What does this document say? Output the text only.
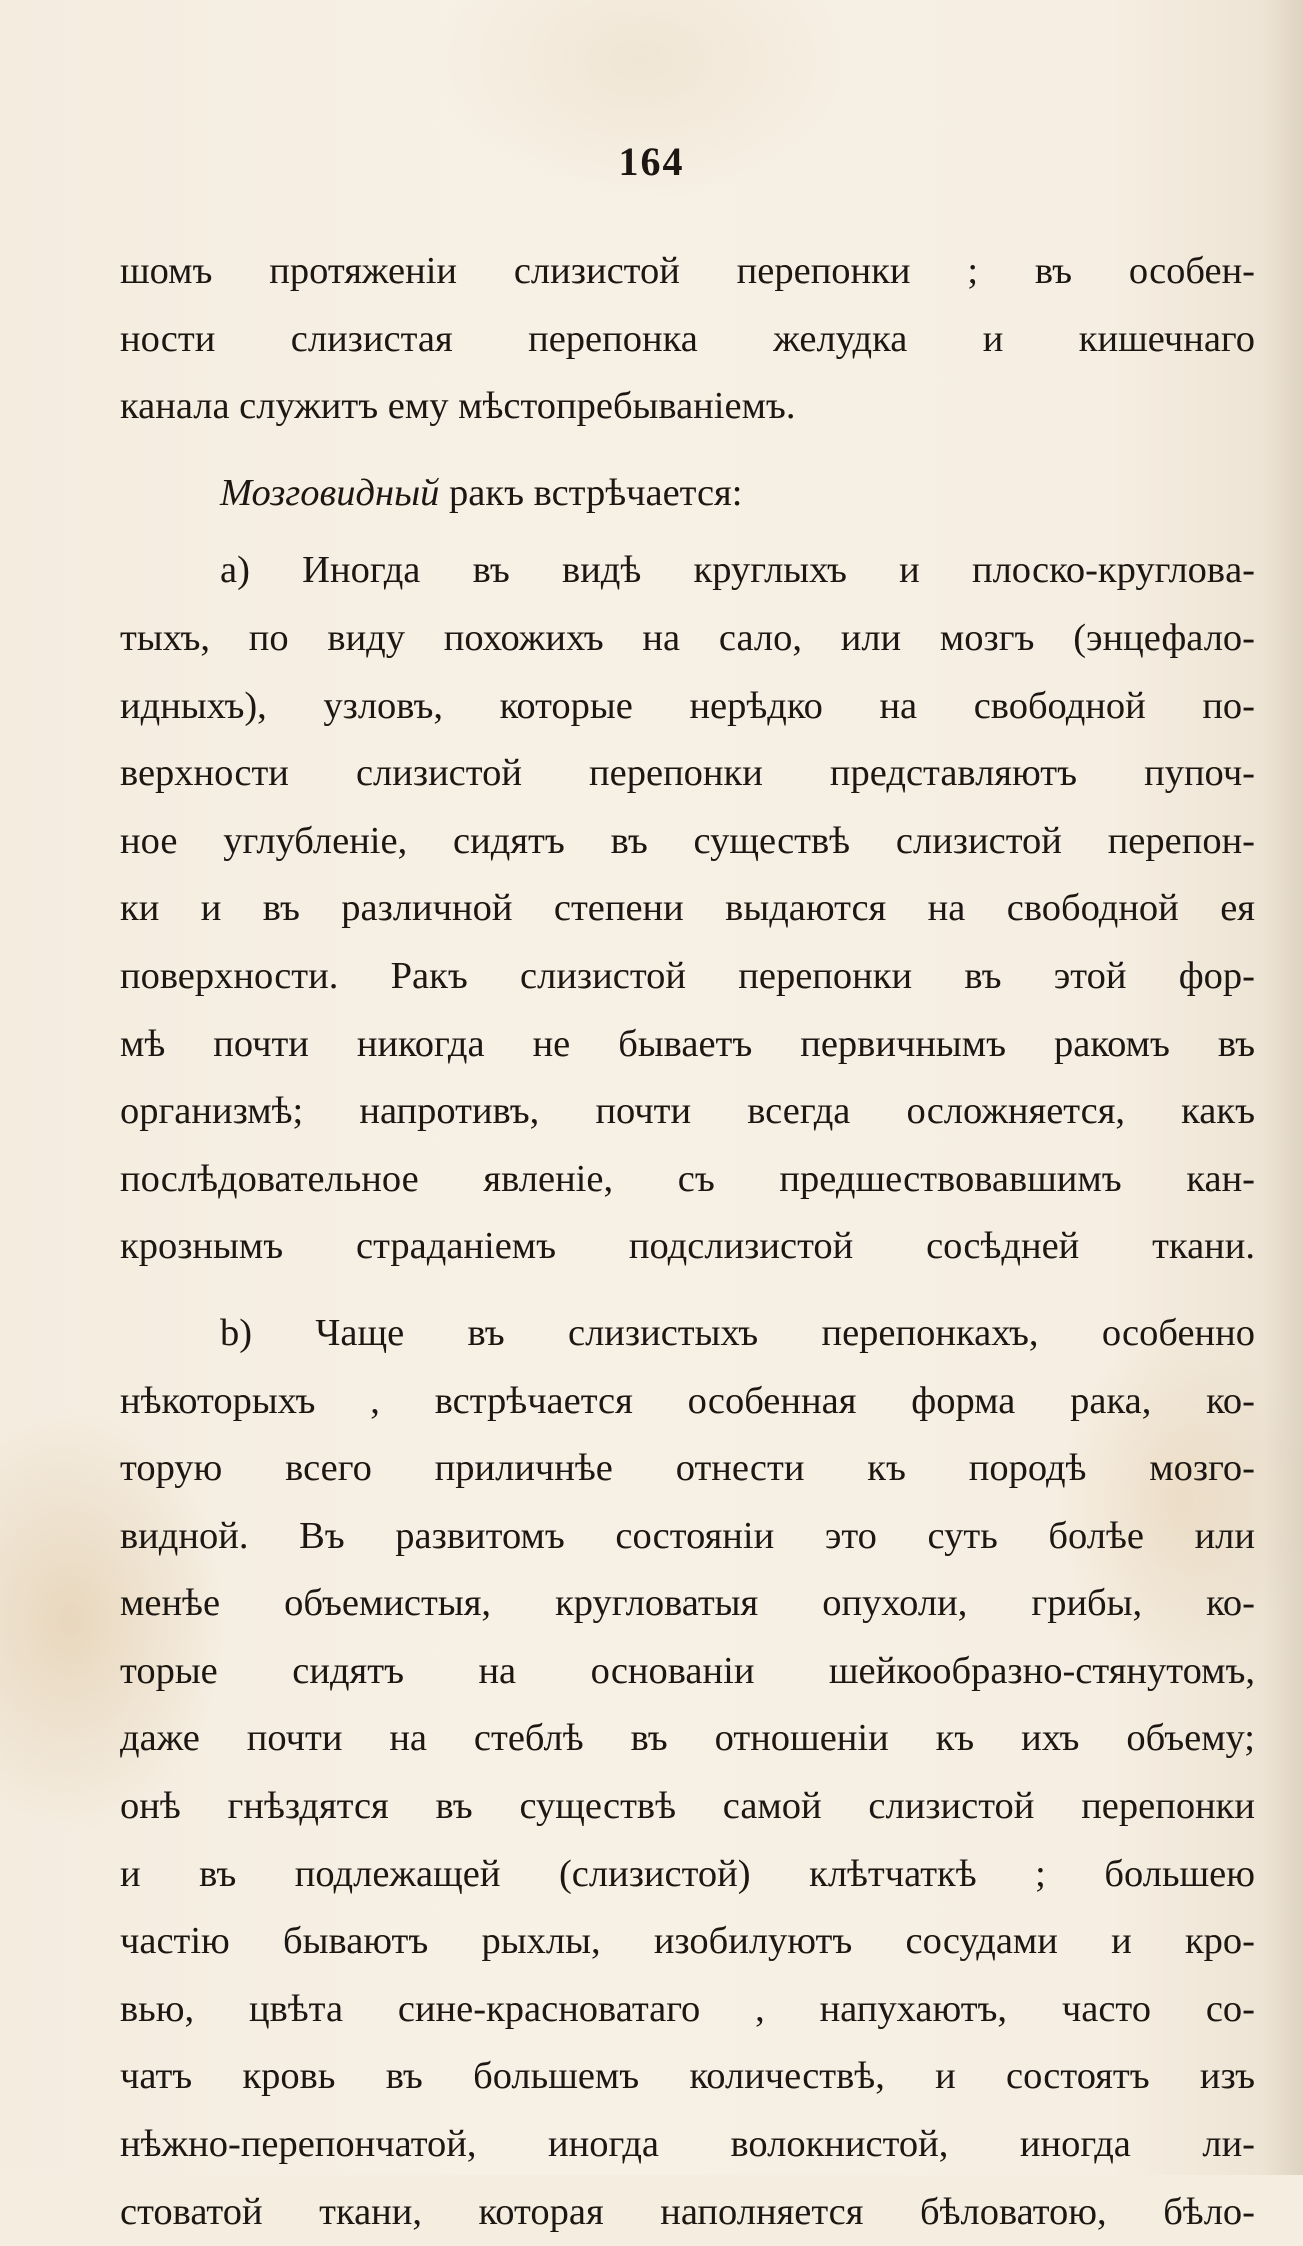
164
шомъ протяженіи слизистой перепонки ; въ особен-
ности слизистая перепонка желудка и кишечнаго
канала служитъ ему мѣстопребываніемъ.
Мозговидный ракъ встрѣчается:
а) Иногда въ видѣ круглыхъ и плоско-кругловa-
тыхъ, по виду похожихъ на сало, или мозгъ (энцефало-
идныхъ), узловъ, которые нерѣдко на свободной по-
верхности слизистой перепонки представляютъ пупоч-
ное углубленіе, сидятъ въ существѣ слизистой перепон-
ки и въ различной степени выдаются на свободной ея
поверхности. Ракъ слизистой перепонки въ этой фор-
мѣ почти никогда не бываетъ первичнымъ ракомъ въ
организмѣ; напротивъ, почти всегда осложняется, какъ
послѣдовательное явленіе, съ предшествовавшимъ кан-
крознымъ страданіемъ подслизистой сосѣдней ткани.
b) Чаще въ слизистыхъ перепонкахъ, особенно
нѣкоторыхъ , встрѣчается особенная форма рака, ко-
торую всего приличнѣе отнести къ породѣ мозго-
видной. Въ развитомъ состояніи это суть болѣе или
менѣе объемистыя, кругловатыя опухоли, грибы, ко-
торые сидятъ на основаніи шейкообразно-стянутомъ,
даже почти на стеблѣ въ отношеніи къ ихъ объему;
онѣ гнѣздятся въ существѣ самой слизистой перепонки
и въ подлежащей (слизистой) клѣтчаткѣ ; большею
частію бываютъ рыхлы, изобилуютъ сосудами и кро-
вью, цвѣта сине-красноватаго , напухаютъ, часто со-
чатъ кровь въ большемъ количествѣ, и состоятъ изъ
нѣжно-перепончатой, иногда волокнистой, иногда ли-
стоватой ткани, которая наполняется бѣловатою, бѣло-
